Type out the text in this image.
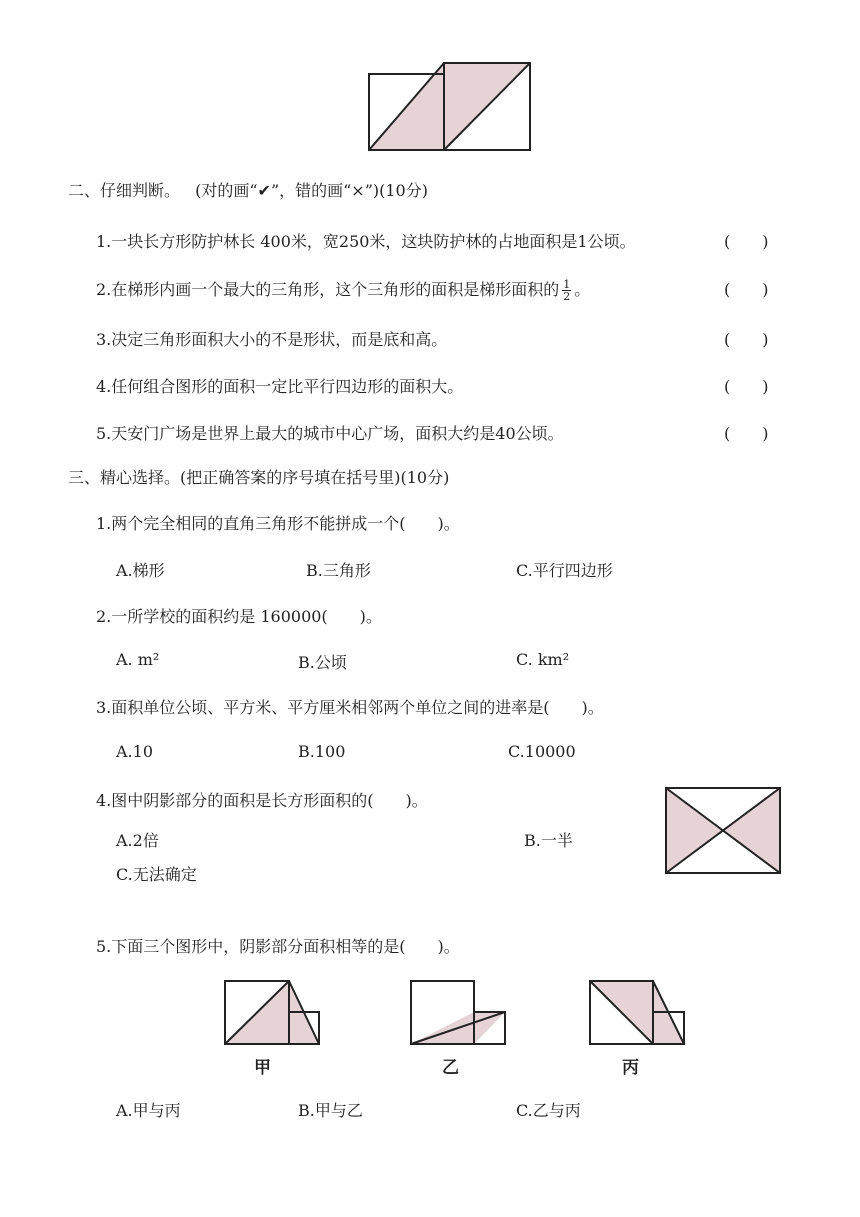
二、仔细判断。 (对的画“✔”，错的画“×”)(10分)
1.一块长方形防护林长 400米，宽250米，这块防护林的占地面积是1公顷。	(　　)
2.在梯形内画一个最大的三角形，这个三角形的面积是梯形面积的 $\frac{1}{2}$ 。	(　　)
3.决定三角形面积大小的不是形状，而是底和高。	(　　)
4.任何组合图形的面积一定比平行四边形的面积大。	(　　)
5.天安门广场是世界上最大的城市中心广场，面积大约是40公顷。	(　　)
三、精心选择。(把正确答案的序号填在括号里)(10分)
1.两个完全相同的直角三角形不能拼成一个(　　)。
A.梯形	B.三角形	C.平行四边形
2.一所学校的面积约是 160000(　　)。
A. m²	B.公顷	C. km²
3.面积单位公顷、平方米、平方厘米相邻两个单位之间的进率是(　　)。
A.10	B.100	C.10000
4.图中阴影部分的面积是长方形面积的(　　)。
A.2倍	B.一半
C.无法确定
5.下面三个图形中，阴影部分面积相等的是(　　)。
甲	乙	丙
A.甲与丙	B.甲与乙	C.乙与丙
